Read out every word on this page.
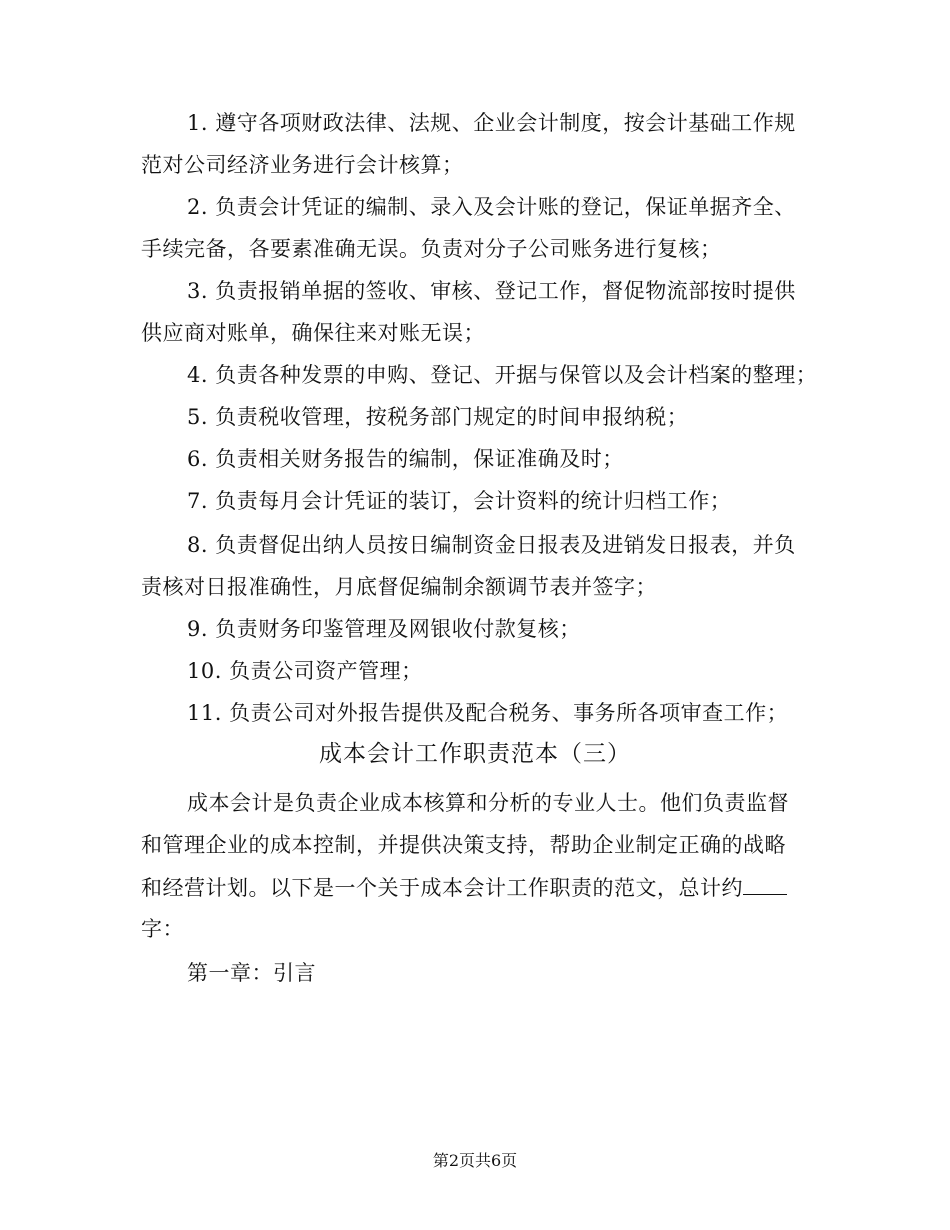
1. 遵守各项财政法律、法规、企业会计制度，按会计基础工作规
范对公司经济业务进行会计核算；
2. 负责会计凭证的编制、录入及会计账的登记，保证单据齐全、
手续完备，各要素准确无误。负责对分子公司账务进行复核；
3. 负责报销单据的签收、审核、登记工作，督促物流部按时提供
供应商对账单，确保往来对账无误；
4. 负责各种发票的申购、登记、开据与保管以及会计档案的整理；
5. 负责税收管理，按税务部门规定的时间申报纳税；
6. 负责相关财务报告的编制，保证准确及时；
7. 负责每月会计凭证的装订，会计资料的统计归档工作；
8. 负责督促出纳人员按日编制资金日报表及进销发日报表，并负
责核对日报准确性，月底督促编制余额调节表并签字；
9. 负责财务印鉴管理及网银收付款复核；
10. 负责公司资产管理；
11. 负责公司对外报告提供及配合税务、事务所各项审查工作；
成本会计工作职责范本（三）
成本会计是负责企业成本核算和分析的专业人士。他们负责监督
和管理企业的成本控制，并提供决策支持，帮助企业制定正确的战略
和经营计划。以下是一个关于成本会计工作职责的范文，总计约
字：
第一章：引言
第2页共6页
